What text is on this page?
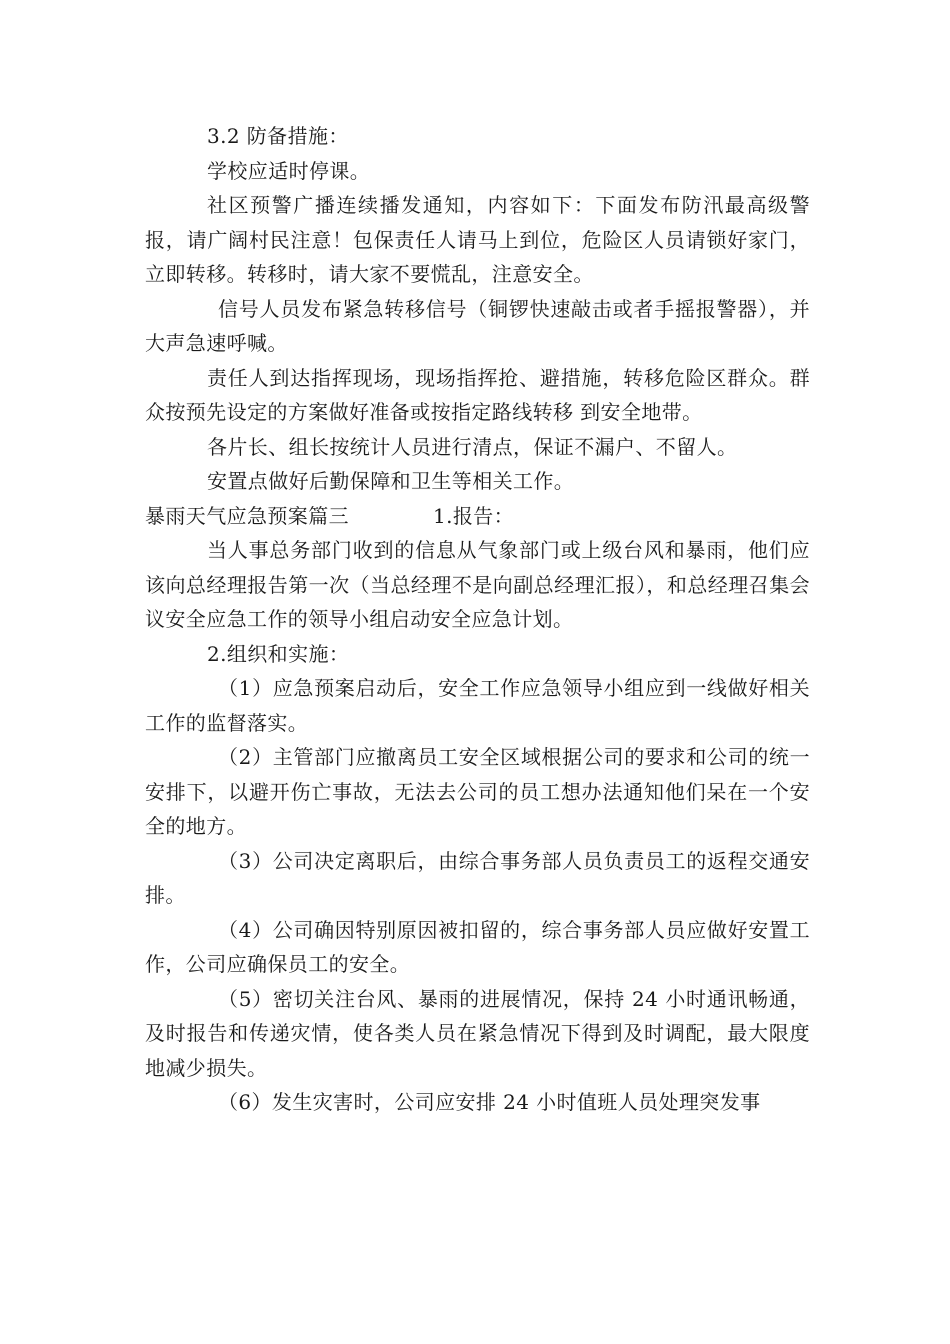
3.2 防备措施：

学校应适时停课。

社区预警广播连续播发通知，内容如下：下面发布防汛最高级警报，请广阔村民注意！包保责任人请马上到位，危险区人员请锁好家门，立即转移。转移时，请大家不要慌乱，注意安全。

信号人员发布紧急转移信号（铜锣快速敲击或者手摇报警器），并大声急速呼喊。

责任人到达指挥现场，现场指挥抢、避措施，转移危险区群众。群众按预先设定的方案做好准备或按指定路线转移 到安全地带。

各片长、组长按统计人员进行清点，保证不漏户、不留人。

安置点做好后勤保障和卫生等相关工作。

暴雨天气应急预案篇三	1.报告：

当人事总务部门收到的信息从气象部门或上级台风和暴雨，他们应该向总经理报告第一次（当总经理不是向副总经理汇报），和总经理召集会议安全应急工作的领导小组启动安全应急计划。

2.组织和实施：

（1）应急预案启动后，安全工作应急领导小组应到一线做好相关工作的监督落实。

（2）主管部门应撤离员工安全区域根据公司的要求和公司的统一安排下，以避开伤亡事故，无法去公司的员工想办法通知他们呆在一个安全的地方。

（3）公司决定离职后，由综合事务部人员负责员工的返程交通安排。

（4）公司确因特别原因被扣留的，综合事务部人员应做好安置工作，公司应确保员工的安全。

（5）密切关注台风、暴雨的进展情况，保持 24 小时通讯畅通，及时报告和传递灾情，使各类人员在紧急情况下得到及时调配，最大限度地减少损失。

（6）发生灾害时，公司应安排 24 小时值班人员处理突发事
